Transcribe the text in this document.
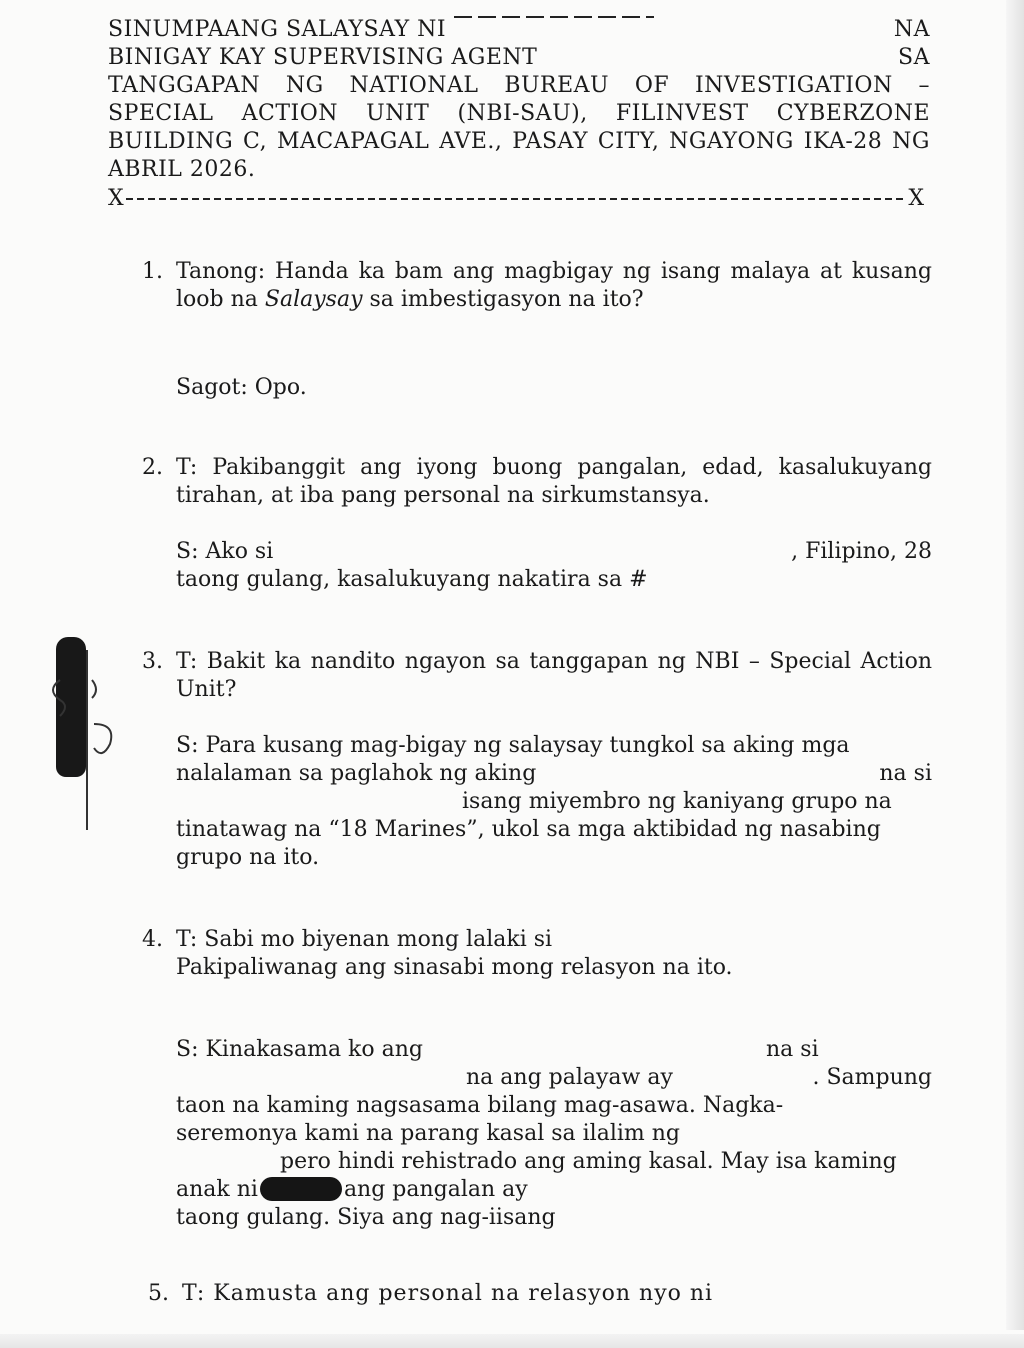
SINUMPAANG SALAYSAY NI	NA
BINIGAY KAY SUPERVISING AGENT	SA
TANGGAPAN NG NATIONAL BUREAU OF INVESTIGATION –
SPECIAL ACTION UNIT (NBI-SAU), FILINVEST CYBERZONE
BUILDING C, MACAPAGAL AVE., PASAY CITY, NGAYONG IKA-28 NG
ABRIL 2026.
X	X
1. Tanong: Handa ka bam ang magbigay ng isang malaya at kusang loob na Salaysay sa imbestigasyon na ito?
Sagot: Opo.
2. T: Pakibanggit ang iyong buong pangalan, edad, kasalukuyang tirahan, at iba pang personal na sirkumstansya.
S: Ako si	, Filipino, 28
taong gulang, kasalukuyang nakatira sa #
3. T: Bakit ka nandito ngayon sa tanggapan ng NBI – Special Action Unit?
S: Para kusang mag-bigay ng salaysay tungkol sa aking mga
nalalaman sa paglahok ng aking	na si
isang miyembro ng kaniyang grupo na
tinatawag na “18 Marines”, ukol sa mga aktibidad ng nasabing
grupo na ito.
4. T: Sabi mo biyenan mong lalaki si
Pakipaliwanag ang sinasabi mong relasyon na ito.
S: Kinakasama ko ang	na si
na ang palayaw ay	. Sampung
taon na kaming nagsasama bilang mag-asawa. Nagka-
seremonya kami na parang kasal sa ilalim ng
pero hindi rehistrado ang aming kasal. May isa kaming
anak ni	ang pangalan ay
taong gulang. Siya ang nag-iisang
5. T: Kamusta ang personal na relasyon nyo ni
